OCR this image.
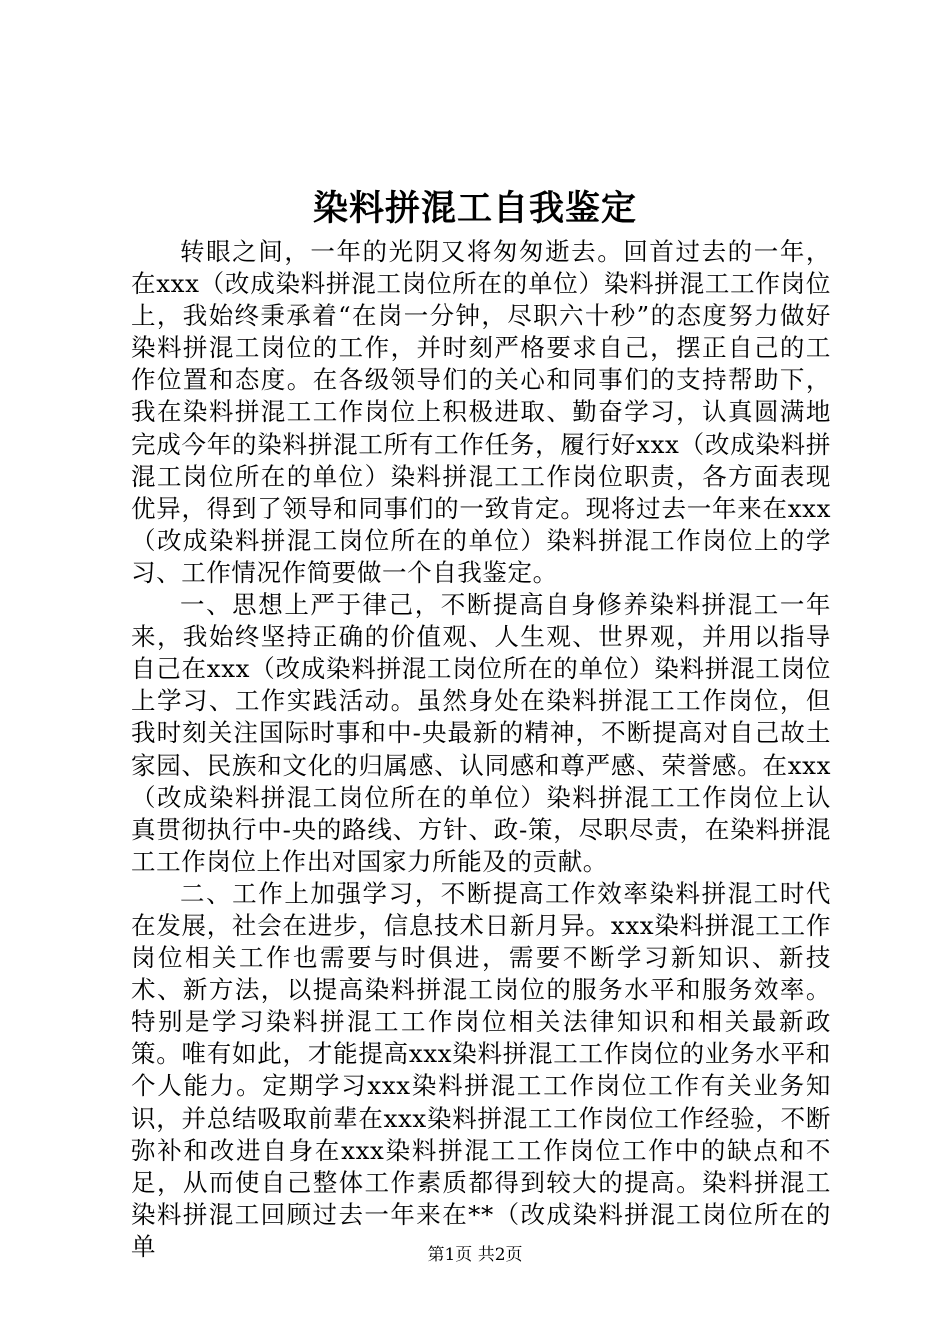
染料拼混工自我鉴定

转眼之间，一年的光阴又将匆匆逝去。回首过去的一年，在xxx（改成染料拼混工岗位所在的单位）染料拼混工工作岗位上，我始终秉承着“在岗一分钟，尽职六十秒”的态度努力做好染料拼混工岗位的工作，并时刻严格要求自己，摆正自己的工作位置和态度。在各级领导们的关心和同事们的支持帮助下，我在染料拼混工工作岗位上积极进取、勤奋学习，认真圆满地完成今年的染料拼混工所有工作任务，履行好xxx（改成染料拼混工岗位所在的单位）染料拼混工工作岗位职责，各方面表现优异，得到了领导和同事们的一致肯定。现将过去一年来在xxx（改成染料拼混工岗位所在的单位）染料拼混工作岗位上的学习、工作情况作简要做一个自我鉴定。

一、思想上严于律己，不断提高自身修养染料拼混工一年来，我始终坚持正确的价值观、人生观、世界观，并用以指导自己在xxx（改成染料拼混工岗位所在的单位）染料拼混工岗位上学习、工作实践活动。虽然身处在染料拼混工工作岗位，但我时刻关注国际时事和中-央最新的精神，不断提高对自己故土家园、民族和文化的归属感、认同感和尊严感、荣誉感。在xxx（改成染料拼混工岗位所在的单位）染料拼混工工作岗位上认真贯彻执行中-央的路线、方针、政-策，尽职尽责，在染料拼混工工作岗位上作出对国家力所能及的贡献。

二、工作上加强学习，不断提高工作效率染料拼混工时代在发展，社会在进步，信息技术日新月异。xxx染料拼混工工作岗位相关工作也需要与时俱进，需要不断学习新知识、新技术、新方法，以提高染料拼混工岗位的服务水平和服务效率。特别是学习染料拼混工工作岗位相关法律知识和相关最新政策。唯有如此，才能提高xxx染料拼混工工作岗位的业务水平和个人能力。定期学习xxx染料拼混工工作岗位工作有关业务知识，并总结吸取前辈在xxx染料拼混工工作岗位工作经验，不断弥补和改进自身在xxx染料拼混工工作岗位工作中的缺点和不足，从而使自己整体工作素质都得到较大的提高。染料拼混工染料拼混工回顾过去一年来在**（改成染料拼混工岗位所在的单	第1页 共2页
